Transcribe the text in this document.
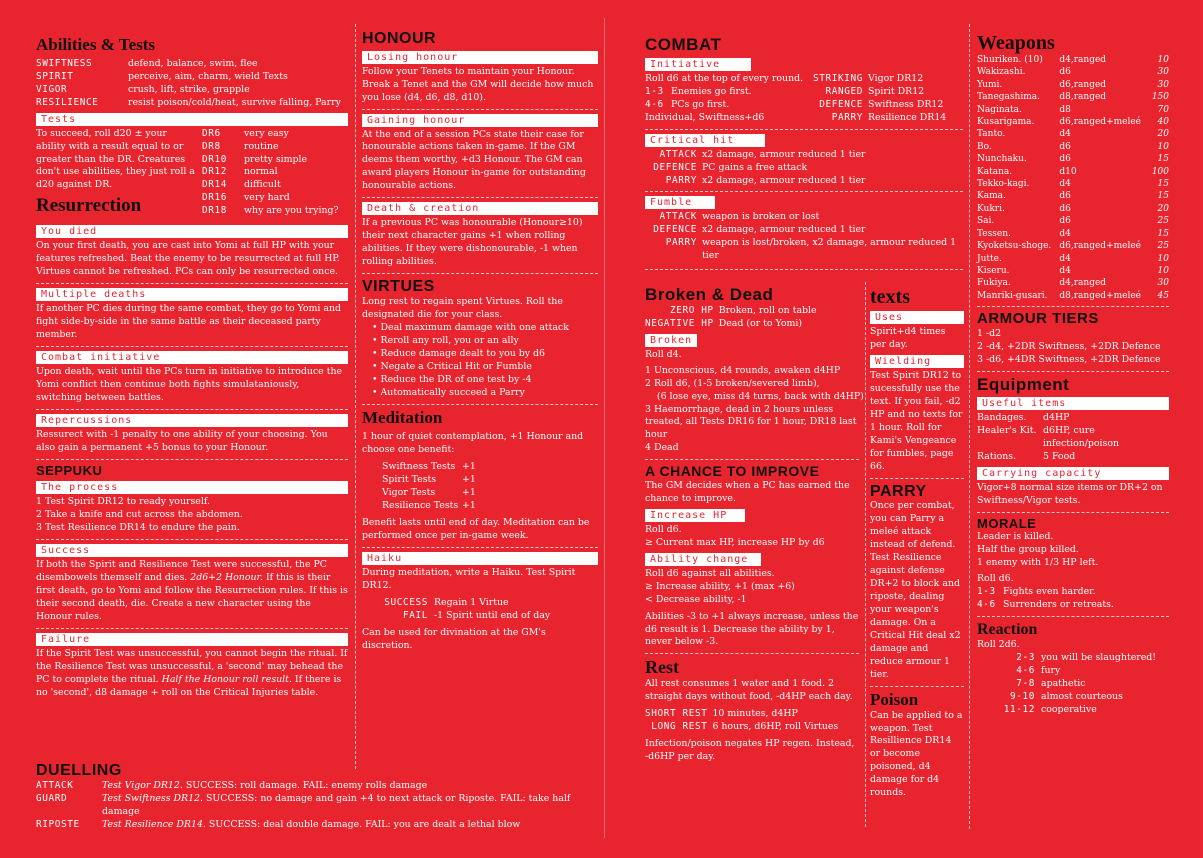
Abilities & Tests
SWIFTNESS	defend, balance, swim, flee
SPIRIT	perceive, aim, charm, wield Texts
VIGOR	crush, lift, strike, grapple
RESILIENCE	resist poison/cold/heat, survive falling, Parry
Tests

To succeed, roll d20 ± your ability with a result equal to or greater than the DR. Creatures don't use abilities, they just roll a d20 against DR.

DR6	very easy
DR8	routine
DR10	pretty simple
DR12	normal
DR14	difficult
DR16	very hard
DR18	why are you trying?
Resurrection
You died

On your first death, you are cast into Yomi at full HP with your features refreshed. Beat the enemy to be resurrected at full HP. Virtues cannot be refreshed. PCs can only be resurrected once.

Multiple deaths

If another PC dies during the same combat, they go to Yomi and fight side-by-side in the same battle as their deceased party member.

Combat initiative

Upon death, wait until the PCs turn in initiative to introduce the Yomi conflict then continue both fights simulataniously, switching between battles.

Repercussions

Ressurect with -1 penalty to one ability of your choosing. You also gain a permanent +5 bonus to your Honour.

SEPPUKU
The process

1 Test Spirit DR12 to ready yourself.

2 Take a knife and cut across the abdomen.

3 Test Resilience DR14 to endure the pain.

Success

If both the Spirit and Resilience Test were successful, the PC disembowels themself and dies. 2d6+2 Honour. If this is their first death, go to Yomi and follow the Resurrection rules. If this is their second death, die. Create a new character using the Honour rules.

Failure

If the Spirit Test was unsuccessful, you cannot begin the ritual. If the Resilience Test was unsuccessful, a 'second' may behead the PC to complete the ritual. Half the Honour roll result. If there is no 'second', d8 damage + roll on the Critical Injuries table.

DUELLING
ATTACK	Test Vigor DR12. SUCCESS: roll damage. FAIL: enemy rolls damage
GUARD	Test Swiftness DR12. SUCCESS: no damage and gain +4 to next attack or Riposte. FAIL: take half damage
RIPOSTE	Test Resilience DR14. SUCCESS: deal double damage. FAIL: you are dealt a lethal blow
HONOUR
Losing honour

Follow your Tenets to maintain your Honour. Break a Tenet and the GM will decide how much you lose (d4, d6, d8, d10).

Gaining honour

At the end of a session PCs state their case for honourable actions taken in-game. If the GM deems them worthy, +d3 Honour. The GM can award players Honour in-game for outstanding honourable actions.

Death & creation

If a previous PC was honourable (Honour≥10) their next character gains +1 when rolling abilities. If they were dishonourable, -1 when rolling abilities.

VIRTUES

Long rest to regain spent Virtues. Roll the designated die for your class.

• Deal maximum damage with one attack
• Reroll any roll, you or an ally
• Reduce damage dealt to you by d6
• Negate a Critical Hit or Fumble
• Reduce the DR of one test by -4
• Automatically succeed a Parry
Meditation

1 hour of quiet contemplation, +1 Honour and choose one benefit:

Swiftness Tests	+1
Spirit Tests	+1
Vigor Tests	+1
Resilience Tests	+1

Benefit lasts until end of day. Meditation can be performed once per in-game week.

Haiku

During meditation, write a Haiku. Test Spirit DR12.

SUCCESS	Regain 1 Virtue
FAIL	-1 Spirit until end of day

Can be used for divination at the GM's discretion.

COMBAT
Initiative

Roll d6 at the top of every round.

1-3	Enemies go first.
4-6	PCs go first.

Individual, Swiftness+d6

STRIKING	Vigor DR12
RANGED	Spirit DR12
DEFENCE	Swiftness DR12
PARRY	Resilience DR14
Critical hit
ATTACK	x2 damage, armour reduced 1 tier
DEFENCE	PC gains a free attack
PARRY	x2 damage, armour reduced 1 tier
Fumble
ATTACK	weapon is broken or lost
DEFENCE	x2 damage, armour reduced 1 tier
PARRY	weapon is lost/broken, x2 damage, armour reduced 1 tier
Broken & Dead
ZERO HP	Broken, roll on table
NEGATIVE HP	Dead (or to Yomi)
Broken

Roll d4.

1 Unconscious, d4 rounds, awaken d4HP

2 Roll d6, (1-5 broken/severed limb),

(6 lose eye, miss d4 turns, back with d4HP)

3 Haemorrhage, dead in 2 hours unless treated, all Tests DR16 for 1 hour, DR18 last hour

4 Dead

A CHANCE TO IMPROVE

The GM decides when a PC has earned the chance to improve.

Increase HP

Roll d6.

≥ Current max HP, increase HP by d6

Ability change

Roll d6 against all abilities.

≥ Increase ability, +1 (max +6)

< Decrease ability, -1

Abilities -3 to +1 always increase, unless the d6 result is 1. Decrease the ability by 1, never below -3.

Rest

All rest consumes 1 water and 1 food. 2 straight days without food, -d4HP each day.

SHORT REST	10 minutes, d4HP
LONG REST	6 hours, d6HP, roll Virtues

Infection/poison negates HP regen. Instead, -d6HP per day.

texts
Uses

Spirit+d4 times per day.

Wielding

Test Spirit DR12 to sucessfully use the text. If you fail, -d2 HP and no texts for 1 hour. Roll for Kami's Vengeance for fumbles, page 66.

PARRY

Once per combat, you can Parry a meleé attack instead of defend. Test Resilience against defense DR+2 to block and riposte, dealing your weapon's damage. On a Critical Hit deal x2 damage and reduce armour 1 tier.

Poison

Can be applied to a weapon. Test Resillience DR14 or become poisoned, d4 damage for d4 rounds.

Weapons
Shuriken. (10)	d4,ranged	10
Wakizashi.	d6	30
Yumi.	d6,ranged	30
Tanegashima.	d8,ranged	150
Naginata.	d8	70
Kusarigama.	d6,ranged+meleé	40
Tanto.	d4	20
Bo.	d6	10
Nunchaku.	d6	15
Katana.	d10	100
Tekko-kagi.	d4	15
Kama.	d6	15
Kukri.	d6	20
Sai.	d6	25
Tessen.	d4	15
Kyoketsu-shoge.	d6,ranged+meleé	25
Jutte.	d4	10
Kiseru.	d4	10
Fukiya.	d4,ranged	30
Manriki-gusari.	d8,ranged+meleé	45
ARMOUR TIERS

1 -d2

2 -d4, +2DR Swiftness, +2DR Defence

3 -d6, +4DR Swiftness, +2DR Defence

Equipment
Useful items
Bandages.	d4HP
Healer's Kit.	d6HP, cure infection/poison
Rations.	5 Food
Carrying capacity

Vigor+8 normal size items or DR+2 on Swiftness/Vigor tests.

MORALE

Leader is killed.

Half the group killed.

1 enemy with 1/3 HP left.

Roll d6.

1-3	Fights even harder.
4-6	Surrenders or retreats.
Reaction

Roll 2d6.

2-3	you will be slaughtered!
4-6	fury
7-8	apathetic
9-10	almost courteous
11-12	cooperative
